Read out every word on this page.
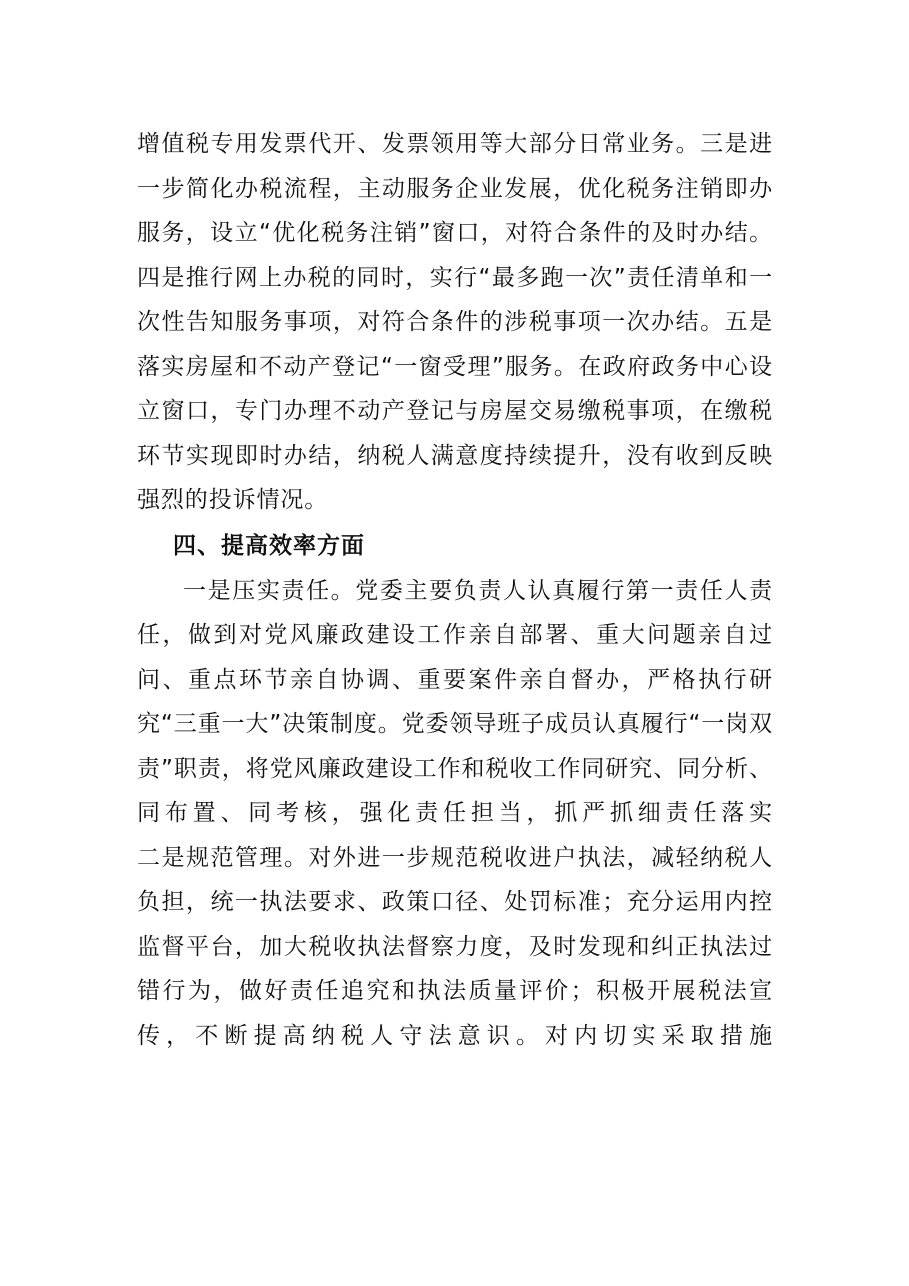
增值税专用发票代开、发票领用等大部分日常业务。三是进一步简化办税流程，主动服务企业发展，优化税务注销即办服务，设立“优化税务注销”窗口，对符合条件的及时办结。四是推行网上办税的同时，实行“最多跑一次”责任清单和一次性告知服务事项，对符合条件的涉税事项一次办结。五是落实房屋和不动产登记“一窗受理”服务。在政府政务中心设立窗口，专门办理不动产登记与房屋交易缴税事项，在缴税环节实现即时办结，纳税人满意度持续提升，没有收到反映强烈的投诉情况。

四、提高效率方面

一是压实责任。党委主要负责人认真履行第一责任人责任，做到对党风廉政建设工作亲自部署、重大问题亲自过问、重点环节亲自协调、重要案件亲自督办，严格执行研究“三重一大”决策制度。党委领导班子成员认真履行“一岗双责”职责，将党风廉政建设工作和税收工作同研究、同分析、同布置、同考核，强化责任担当，抓严抓细责任落实

二是规范管理。对外进一步规范税收进户执法，减轻纳税人负担，统一执法要求、政策口径、处罚标准；充分运用内控监督平台，加大税收执法督察力度，及时发现和纠正执法过错行为，做好责任追究和执法质量评价；积极开展税法宣传，不断提高纳税人守法意识。对内切实采取措施
